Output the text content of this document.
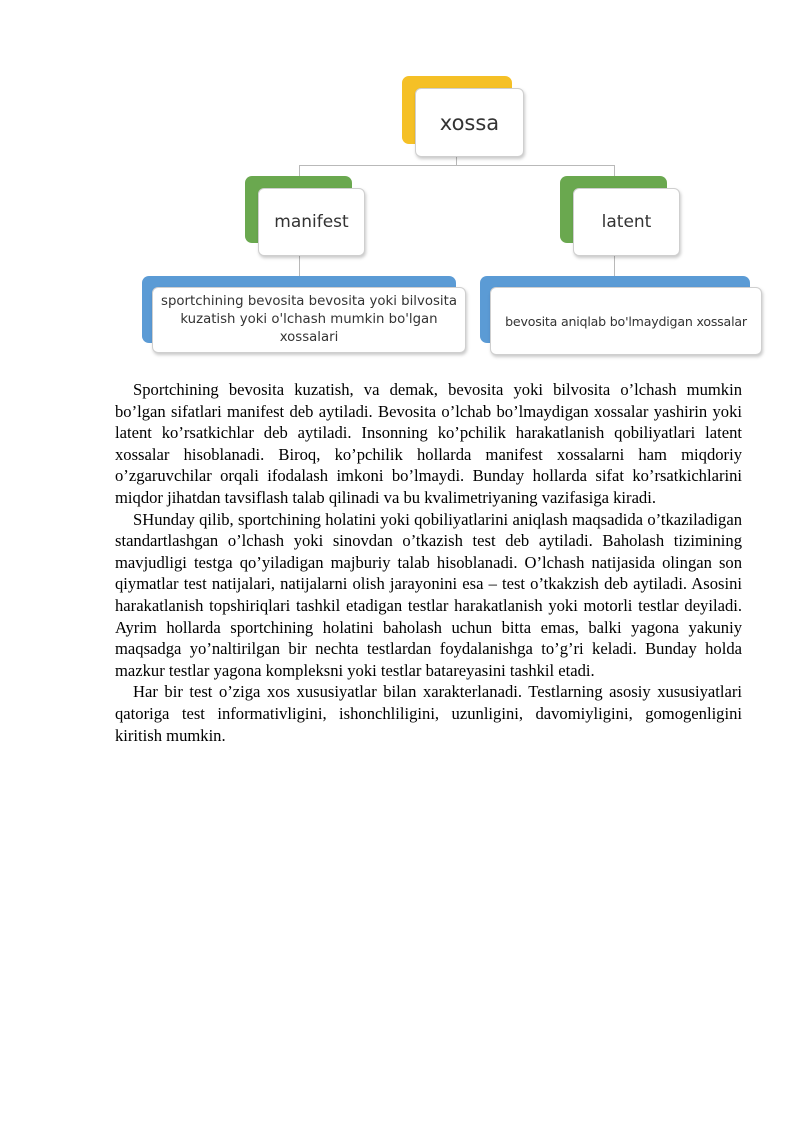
xossa
manifest	latent
sportchining bevosita bevosita yoki bilvosita kuzatish yoki o'lchash mumkin bo'lgan xossalari
bevosita aniqlab bo'lmaydigan xossalar

Sportchining bevosita kuzatish, va demak, bevosita yoki bilvosita o’lchash mumkin bo’lgan sifatlari manifest deb aytiladi. Bevosita o’lchab bo’lmaydigan xossalar yashirin yoki latent ko’rsatkichlar deb aytiladi. Insonning ko’pchilik harakatlanish qobiliyatlari latent xossalar hisoblanadi. Biroq, ko’pchilik hollarda manifest xossalarni ham miqdoriy o’zgaruvchilar orqali ifodalash imkoni bo’lmaydi. Bunday hollarda sifat ko’rsatkichlarini miqdor jihatdan tavsiflash talab qilinadi va bu kvalimetriyaning vazifasiga kiradi.

SHunday qilib, sportchining holatini yoki qobiliyatlarini aniqlash maqsadida o’tkaziladigan standartlashgan o’lchash yoki sinovdan o’tkazish test deb aytiladi. Baholash tizimining mavjudligi testga qo’yiladigan majburiy talab hisoblanadi. O’lchash natijasida olingan son qiymatlar test natijalari, natijalarni olish jarayonini esa – test o’tkakzish deb aytiladi. Asosini harakatlanish topshiriqlari tashkil etadigan testlar harakatlanish yoki motorli testlar deyiladi. Ayrim hollarda sportchining holatini baholash uchun bitta emas, balki yagona yakuniy maqsadga yo’naltirilgan bir nechta testlardan foydalanishga to’g’ri keladi. Bunday holda mazkur testlar yagona kompleksni yoki testlar batareyasini tashkil etadi.

Har bir test o’ziga xos xususiyatlar bilan xarakterlanadi. Testlarning asosiy xususiyatlari qatoriga test informativligini, ishonchliligini, uzunligini, davomiyligini, gomogenligini kiritish mumkin.
